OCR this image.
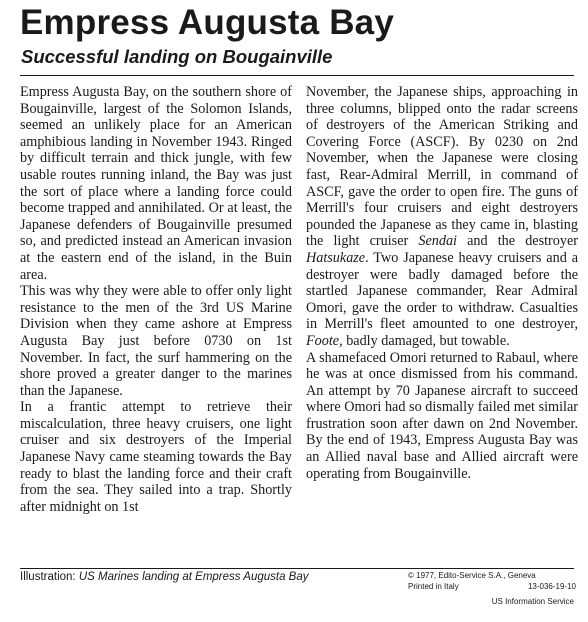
Empress Augusta Bay
Successful landing on Bougainville

Empress Augusta Bay, on the southern shore of Bougainville, largest of the Solomon Islands, seemed an unlikely place for an American amphibious landing in November 1943. Ringed by difficult terrain and thick jungle, with few usable routes running inland, the Bay was just the sort of place where a landing force could become trapped and annihilated. Or at least, the Japanese defenders of Bougainville presumed so, and predicted instead an American invasion at the eastern end of the island, in the Buin area.

This was why they were able to offer only light resistance to the men of the 3rd US Marine Division when they came ashore at Empress Augusta Bay just before 0730 on 1st November. In fact, the surf hammering on the shore proved a greater danger to the marines than the Japanese.

In a frantic attempt to retrieve their miscalculation, three heavy cruisers, one light cruiser and six destroyers of the Imperial Japanese Navy came steaming towards the Bay ready to blast the landing force and their craft from the sea. They sailed into a trap. Shortly after midnight on 1st

November, the Japanese ships, approaching in three columns, blipped onto the radar screens of destroyers of the American Striking and Covering Force (ASCF). By 0230 on 2nd November, when the Japanese were closing fast, Rear-Admiral Merrill, in command of ASCF, gave the order to open fire. The guns of Merrill's four cruisers and eight destroyers pounded the Japanese as they came in, blasting the light cruiser Sendai and the destroyer Hatsukaze. Two Japanese heavy cruisers and a destroyer were badly damaged before the startled Japanese commander, Rear Admiral Omori, gave the order to withdraw. Casualties in Merrill's fleet amounted to one destroyer, Foote, badly damaged, but towable.

A shamefaced Omori returned to Rabaul, where he was at once dismissed from his command. An attempt by 70 Japanese aircraft to succeed where Omori had so dismally failed met similar frustration soon after dawn on 2nd November. By the end of 1943, Empress Augusta Bay was an Allied naval base and Allied aircraft were operating from Bougainville.

Illustration: US Marines landing at Empress Augusta Bay	© 1977, Edito-Service S.A., Geneva
Printed in Italy	13-036-19-10
US Information Service
